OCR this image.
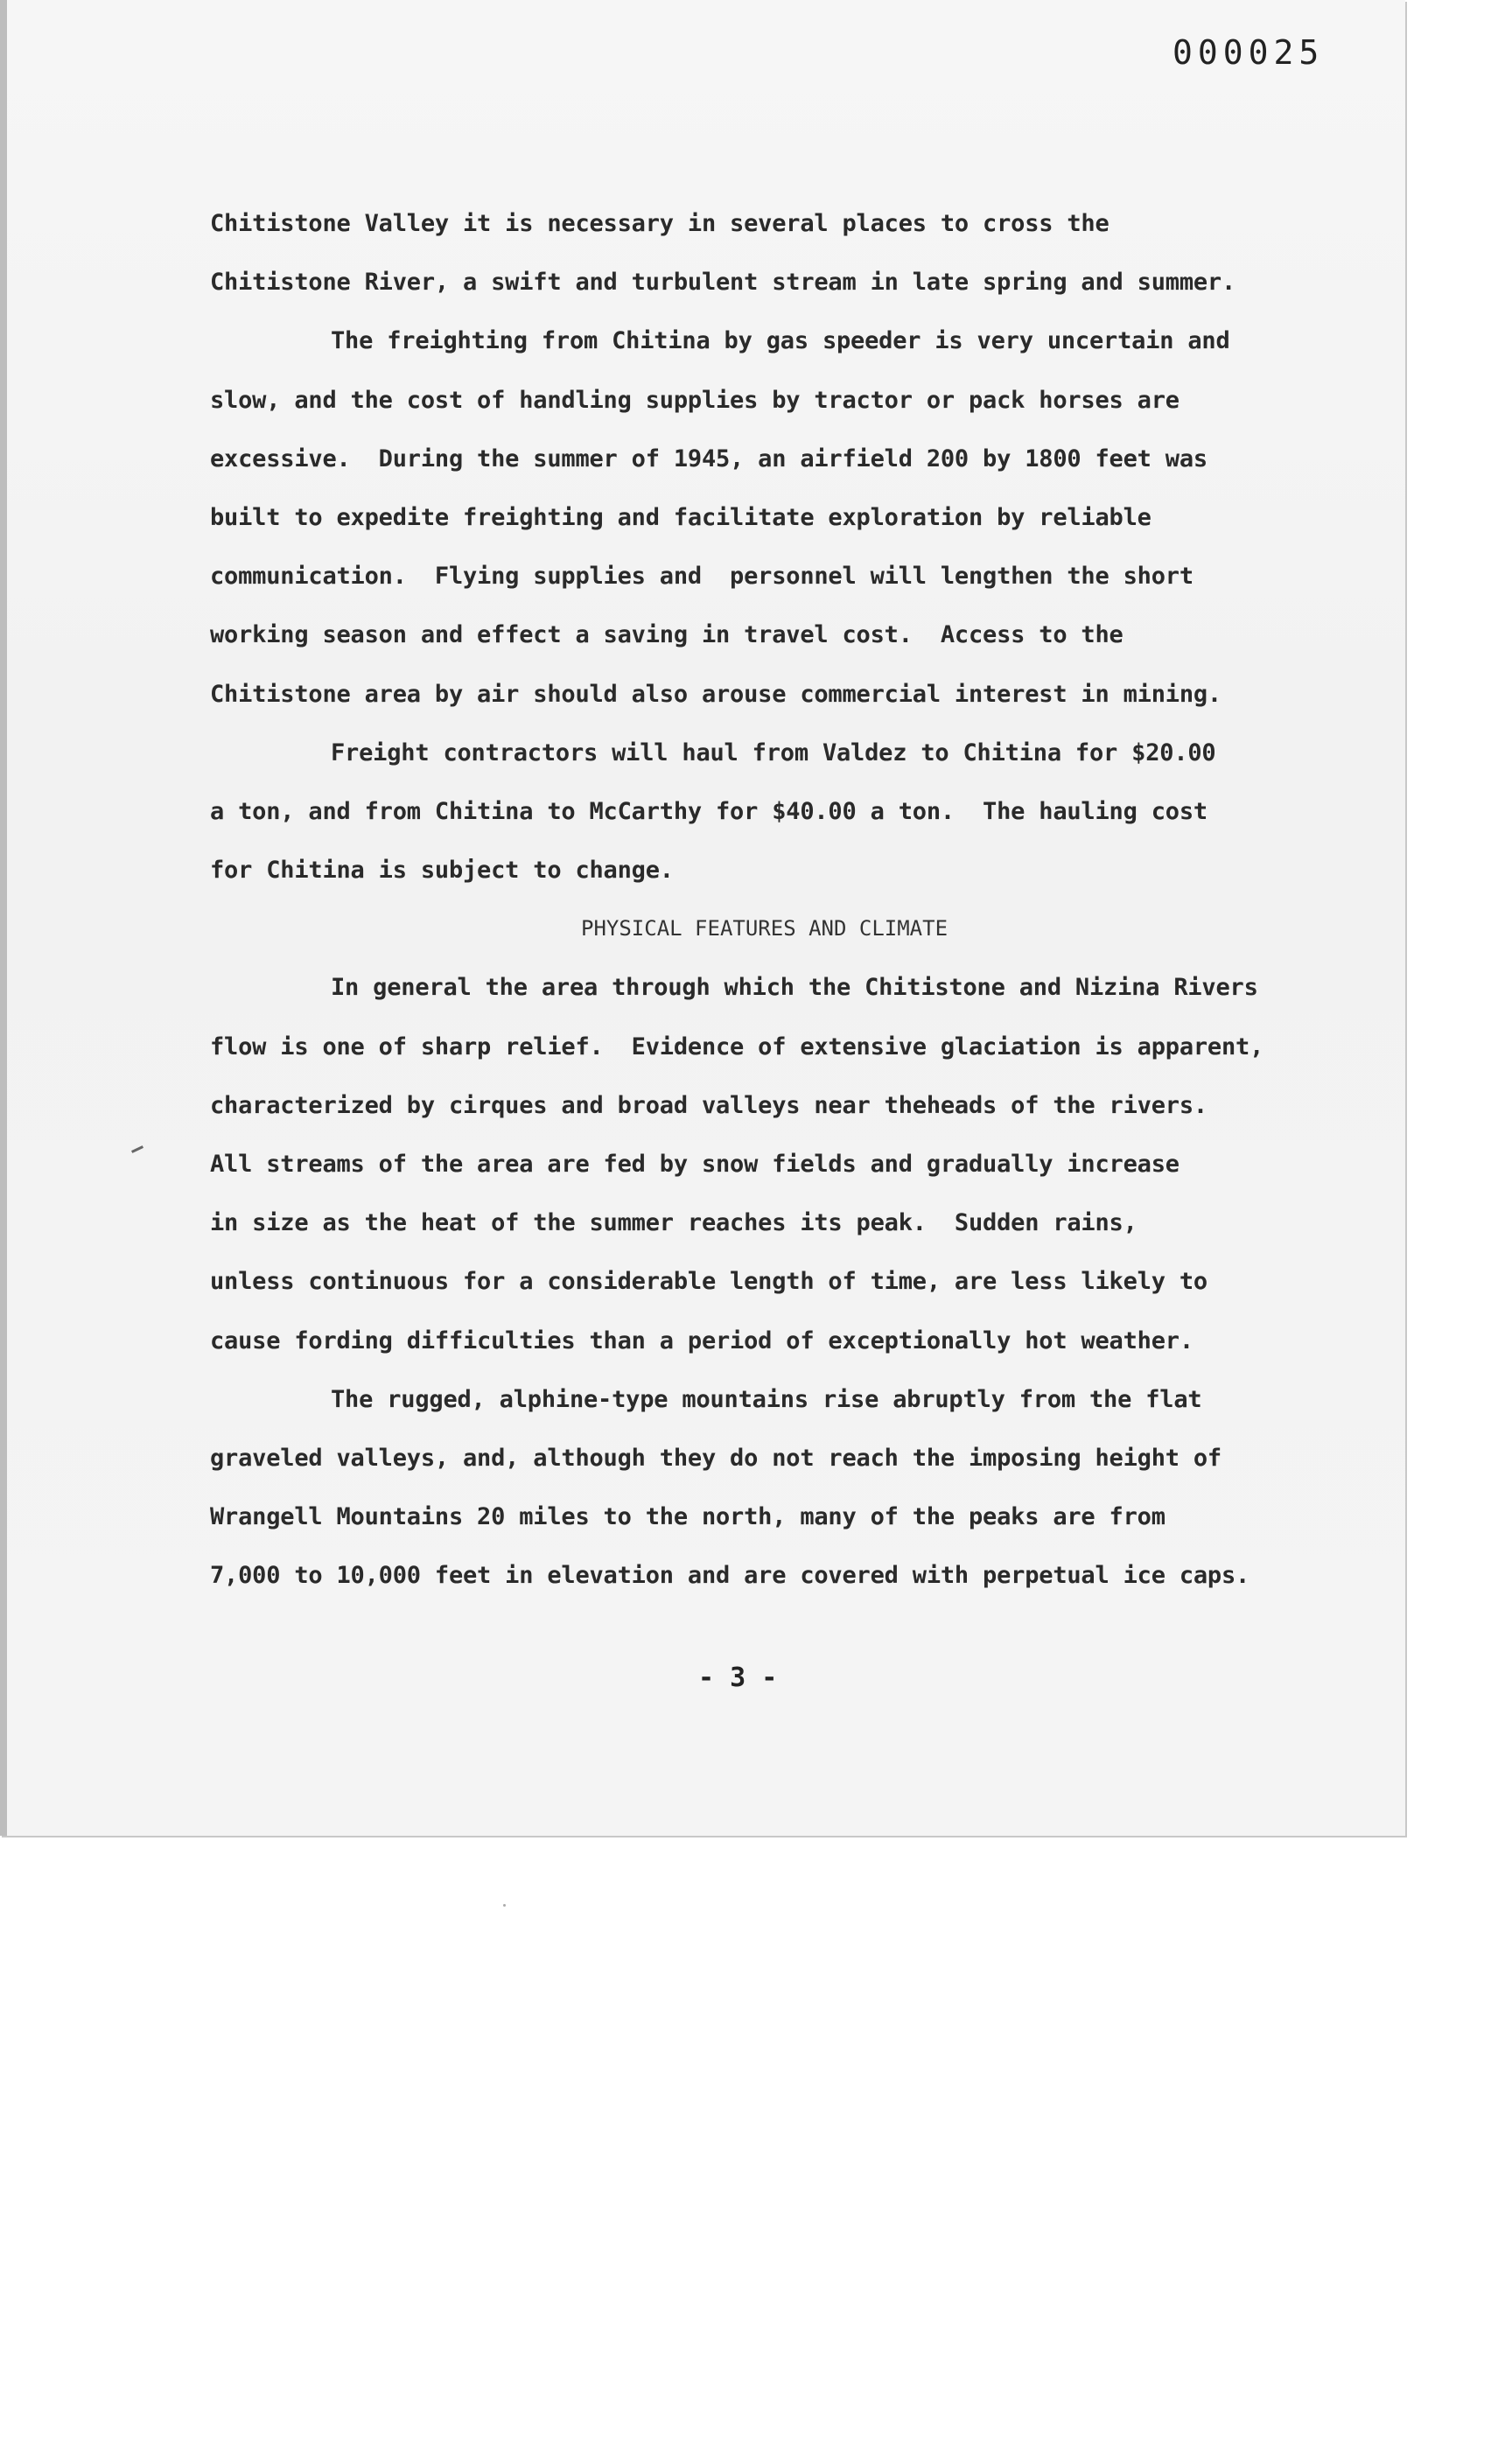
000025
Chitistone Valley it is necessary in several places to cross the
Chitistone River, a swift and turbulent stream in late spring and summer.
The freighting from Chitina by gas speeder is very uncertain and
slow, and the cost of handling supplies by tractor or pack horses are
excessive.  During the summer of 1945, an airfield 200 by 1800 feet was
built to expedite freighting and facilitate exploration by reliable
communication.  Flying supplies and  personnel will lengthen the short
working season and effect a saving in travel cost.  Access to the
Chitistone area by air should also arouse commercial interest in mining.
Freight contractors will haul from Valdez to Chitina for $20.00
a ton, and from Chitina to McCarthy for $40.00 a ton.  The hauling cost
for Chitina is subject to change.
PHYSICAL FEATURES AND CLIMATE
In general the area through which the Chitistone and Nizina Rivers
flow is one of sharp relief.  Evidence of extensive glaciation is apparent,
characterized by cirques and broad valleys near theheads of the rivers.
All streams of the area are fed by snow fields and gradually increase
in size as the heat of the summer reaches its peak.  Sudden rains,
unless continuous for a considerable length of time, are less likely to
cause fording difficulties than a period of exceptionally hot weather.
The rugged, alphine-type mountains rise abruptly from the flat
graveled valleys, and, although they do not reach the imposing height of
Wrangell Mountains 20 miles to the north, many of the peaks are from
7,000 to 10,000 feet in elevation and are covered with perpetual ice caps.
- 3 -
